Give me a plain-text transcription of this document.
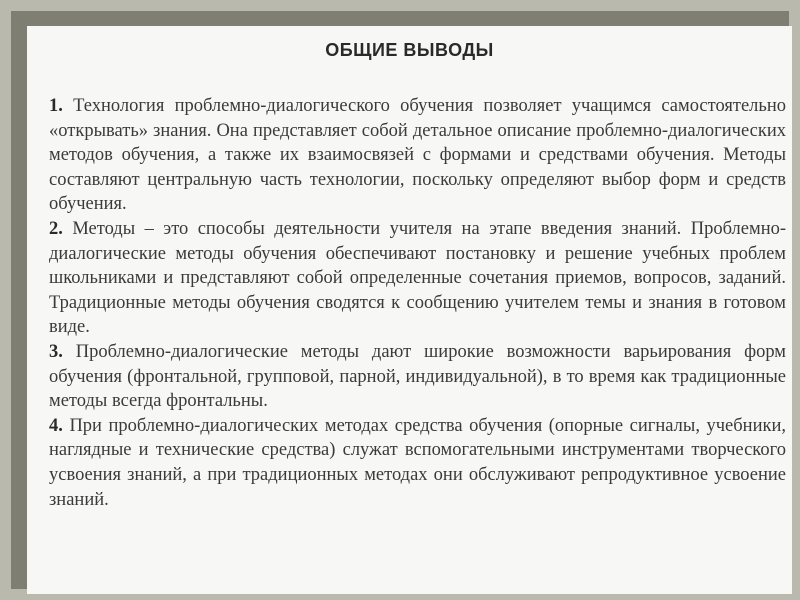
ОБЩИЕ ВЫВОДЫ

1. Технология проблемно-диалогического обучения позволяет учащимся самостоятельно «открывать» знания. Она представляет собой детальное описание проблемно-диалогических методов обучения, а также их взаимосвязей с формами и средствами обучения. Методы составляют центральную часть технологии, поскольку определяют выбор форм и средств обучения.

2. Методы – это способы деятельности учителя на этапе введения знаний. Проблемно-диалогические методы обучения обеспечивают постановку и решение учебных проблем школьниками и представляют собой определенные сочетания приемов, вопросов, заданий. Традиционные методы обучения сводятся к сообщению учителем темы и знания в готовом виде.

3. Проблемно-диалогические методы дают широкие возможности варьирования форм обучения (фронтальной, групповой, парной, индивидуальной), в то время как традиционные методы всегда фронтальны.

4. При проблемно-диалогических методах средства обучения (опорные сигналы, учебники, наглядные и технические средства) служат вспомогательными инструментами творческого усвоения знаний, а при традиционных методах они обслуживают репродуктивное усвоение знаний.
